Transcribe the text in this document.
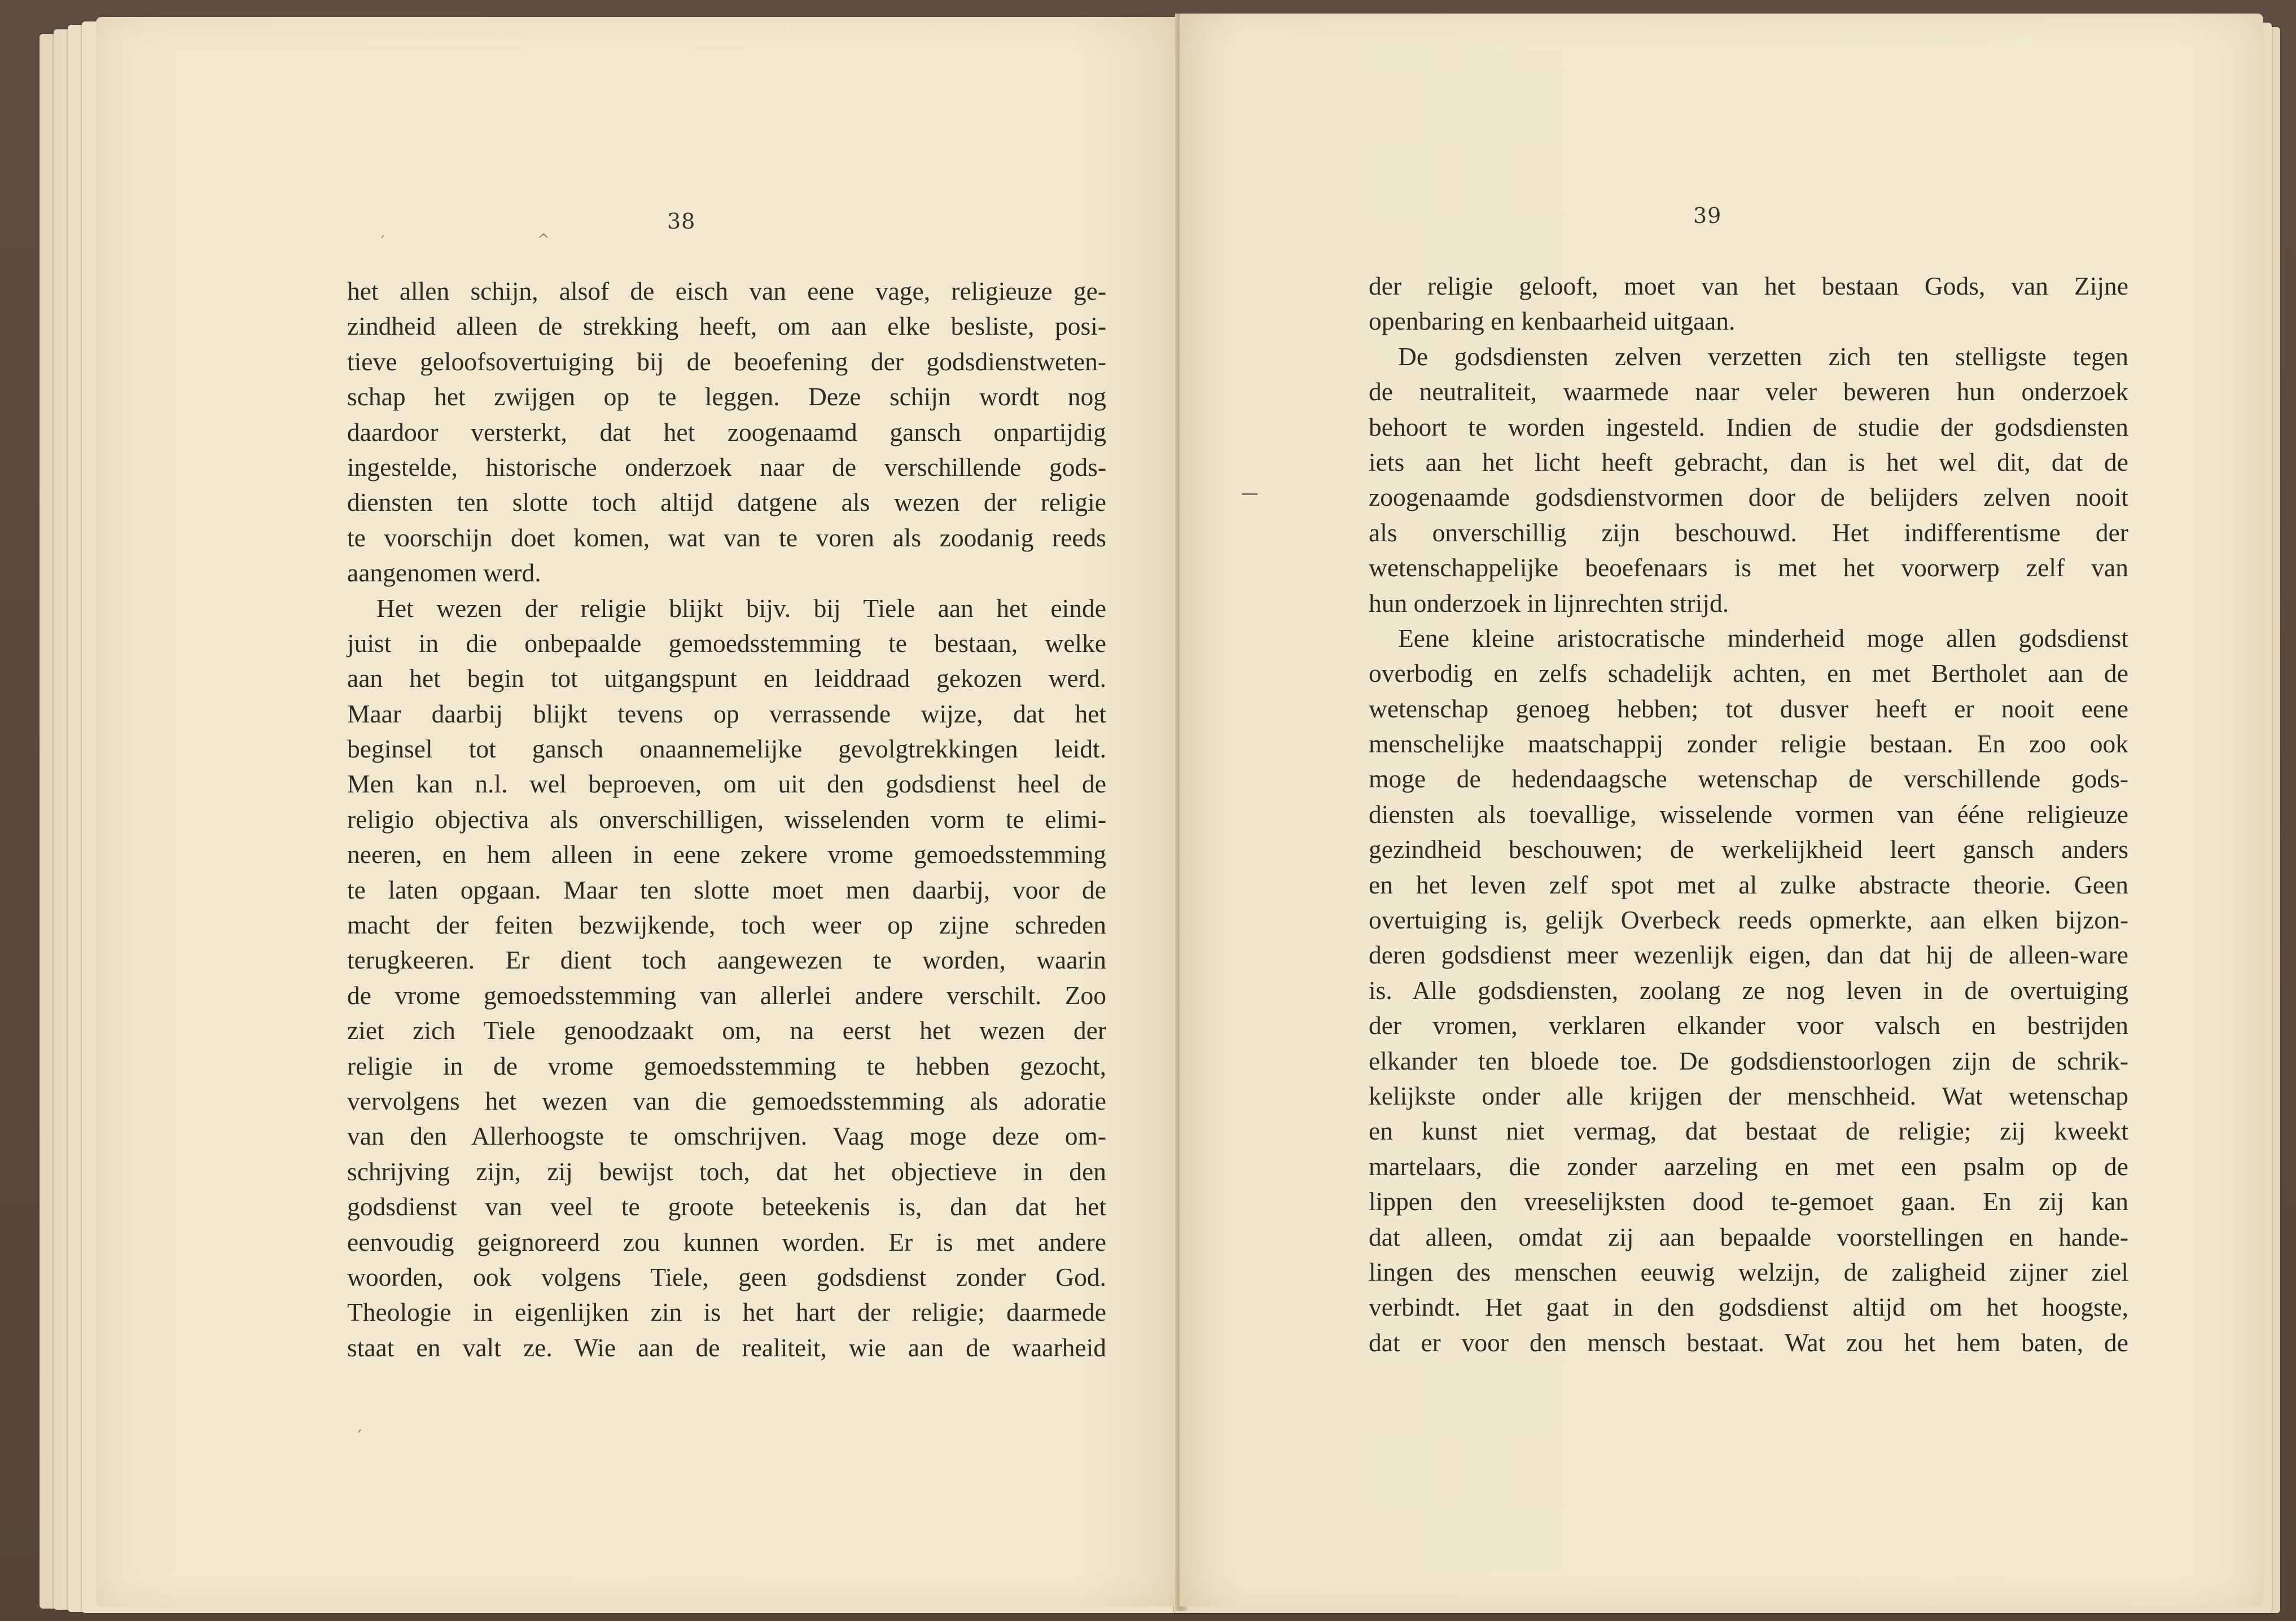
38
het allen schijn, alsof de eisch van eene vage, religieuze ge-
zindheid alleen de strekking heeft, om aan elke besliste, posi-
tieve geloofsovertuiging bij de beoefening der godsdienstweten-
schap het zwijgen op te leggen. Deze schijn wordt nog
daardoor versterkt, dat het zoogenaamd gansch onpartijdig
ingestelde, historische onderzoek naar de verschillende gods-
diensten ten slotte toch altijd datgene als wezen der religie
te voorschijn doet komen, wat van te voren als zoodanig reeds
aangenomen werd.
Het wezen der religie blijkt bijv. bij Tiele aan het einde
juist in die onbepaalde gemoedsstemming te bestaan, welke
aan het begin tot uitgangspunt en leiddraad gekozen werd.
Maar daarbij blijkt tevens op verrassende wijze, dat het
beginsel tot gansch onaannemelijke gevolgtrekkingen leidt.
Men kan n.l. wel beproeven, om uit den godsdienst heel de
religio objectiva als onverschilligen, wisselenden vorm te elimi-
neeren, en hem alleen in eene zekere vrome gemoedsstemming
te laten opgaan. Maar ten slotte moet men daarbij, voor de
macht der feiten bezwijkende, toch weer op zijne schreden
terugkeeren. Er dient toch aangewezen te worden, waarin
de vrome gemoedsstemming van allerlei andere verschilt. Zoo
ziet zich Tiele genoodzaakt om, na eerst het wezen der
religie in de vrome gemoedsstemming te hebben gezocht,
vervolgens het wezen van die gemoedsstemming als adoratie
van den Allerhoogste te omschrijven. Vaag moge deze om-
schrijving zijn, zij bewijst toch, dat het objectieve in den
godsdienst van veel te groote beteekenis is, dan dat het
eenvoudig geignoreerd zou kunnen worden. Er is met andere
woorden, ook volgens Tiele, geen godsdienst zonder God.
Theologie in eigenlijken zin is het hart der religie; daarmede
staat en valt ze. Wie aan de realiteit, wie aan de waarheid
ˊ	^
ˊ
39
der religie gelooft, moet van het bestaan Gods, van Zijne
openbaring en kenbaarheid uitgaan.
De godsdiensten zelven verzetten zich ten stelligste tegen
de neutraliteit, waarmede naar veler beweren hun onderzoek
behoort te worden ingesteld. Indien de studie der godsdiensten
iets aan het licht heeft gebracht, dan is het wel dit, dat de
zoogenaamde godsdienstvormen door de belijders zelven nooit
als onverschillig zijn beschouwd. Het indifferentisme der
wetenschappelijke beoefenaars is met het voorwerp zelf van
hun onderzoek in lijnrechten strijd.
Eene kleine aristocratische minderheid moge allen godsdienst
overbodig en zelfs schadelijk achten, en met Bertholet aan de
wetenschap genoeg hebben; tot dusver heeft er nooit eene
menschelijke maatschappij zonder religie bestaan. En zoo ook
moge de hedendaagsche wetenschap de verschillende gods-
diensten als toevallige, wisselende vormen van ééne religieuze
gezindheid beschouwen; de werkelijkheid leert gansch anders
en het leven zelf spot met al zulke abstracte theorie. Geen
overtuiging is, gelijk Overbeck reeds opmerkte, aan elken bijzon-
deren godsdienst meer wezenlijk eigen, dan dat hij de alleen-ware
is. Alle godsdiensten, zoolang ze nog leven in de overtuiging
der vromen, verklaren elkander voor valsch en bestrijden
elkander ten bloede toe. De godsdienstoorlogen zijn de schrik-
kelijkste onder alle krijgen der menschheid. Wat wetenschap
en kunst niet vermag, dat bestaat de religie; zij kweekt
martelaars, die zonder aarzeling en met een psalm op de
lippen den vreeselijksten dood te-gemoet gaan. En zij kan
dat alleen, omdat zij aan bepaalde voorstellingen en hande-
lingen des menschen eeuwig welzijn, de zaligheid zijner ziel
verbindt. Het gaat in den godsdienst altijd om het hoogste,
dat er voor den mensch bestaat. Wat zou het hem baten, de
